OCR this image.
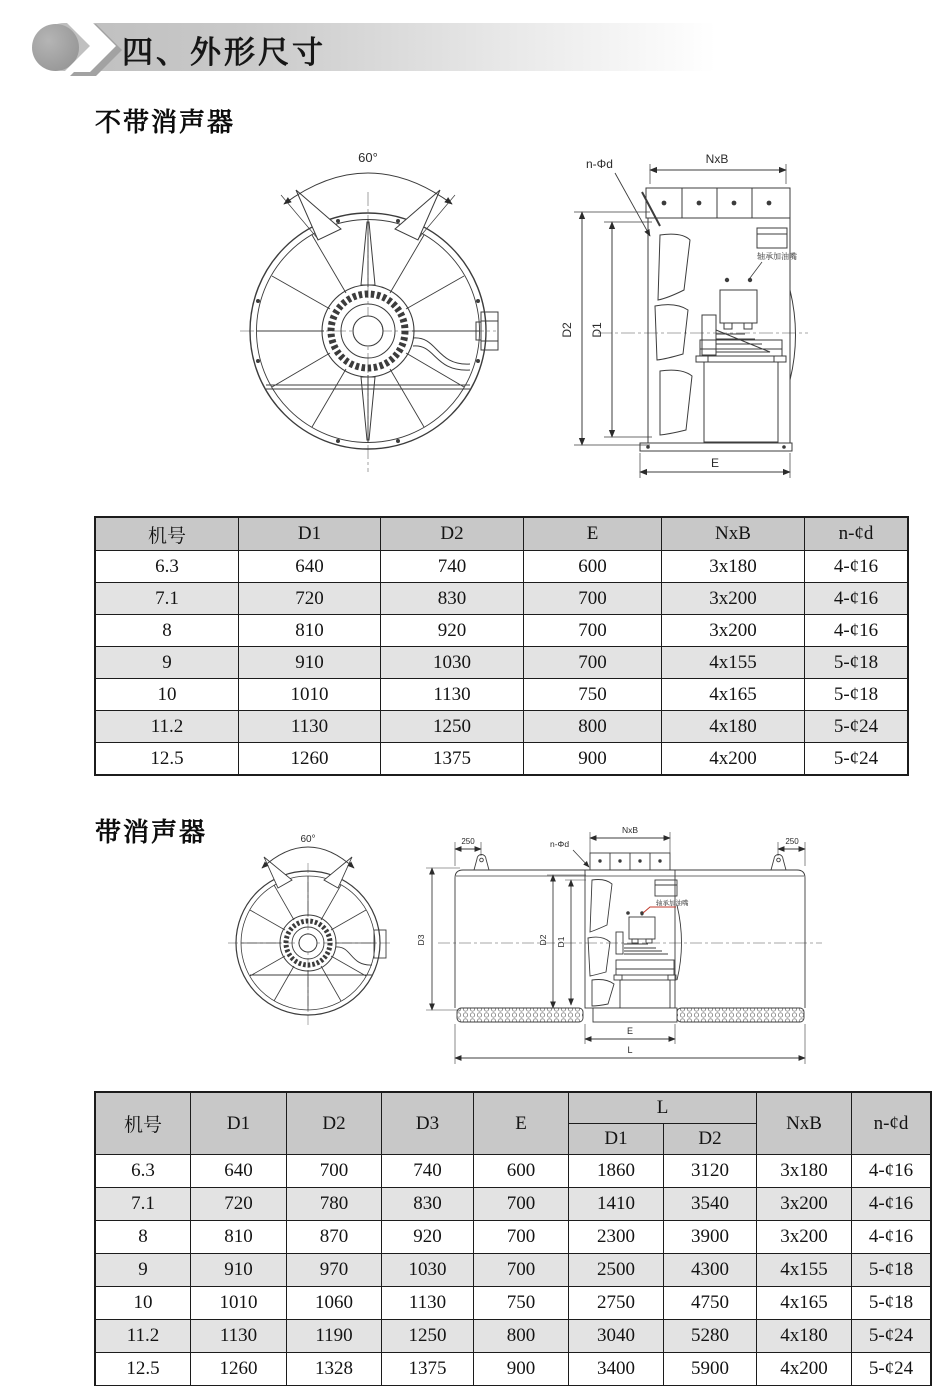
四、外形尺寸
不带消声器
60°
轴承加油嘴
NxB
n-Φd
D2 D1
E
机号	D1	D2	E	NxB	n-¢d
6.3	640	740	600	3x180	4-¢16
7.1	720	830	700	3x200	4-¢16
8	810	920	700	3x200	4-¢16
9	910	1030	700	4x155	5-¢18
10	1010	1130	750	4x165	5-¢18
11.2	1130	1250	800	4x180	5-¢24
12.5	1260	1375	900	4x200	5-¢24
带消声器	60°
轴承加油嘴
250	250
NxB
n-Φd
D3	D2 D1
E
L
机号	D1	D2	D3	E	L		NxB	n-¢d
					D1	D2		
6.3	640	700	740	600	1860	3120	3x180	4-¢16
7.1	720	780	830	700	1410	3540	3x200	4-¢16
8	810	870	920	700	2300	3900	3x200	4-¢16
9	910	970	1030	700	2500	4300	4x155	5-¢18
10	1010	1060	1130	750	2750	4750	4x165	5-¢18
11.2	1130	1190	1250	800	3040	5280	4x180	5-¢24
12.5	1260	1328	1375	900	3400	5900	4x200	5-¢24
